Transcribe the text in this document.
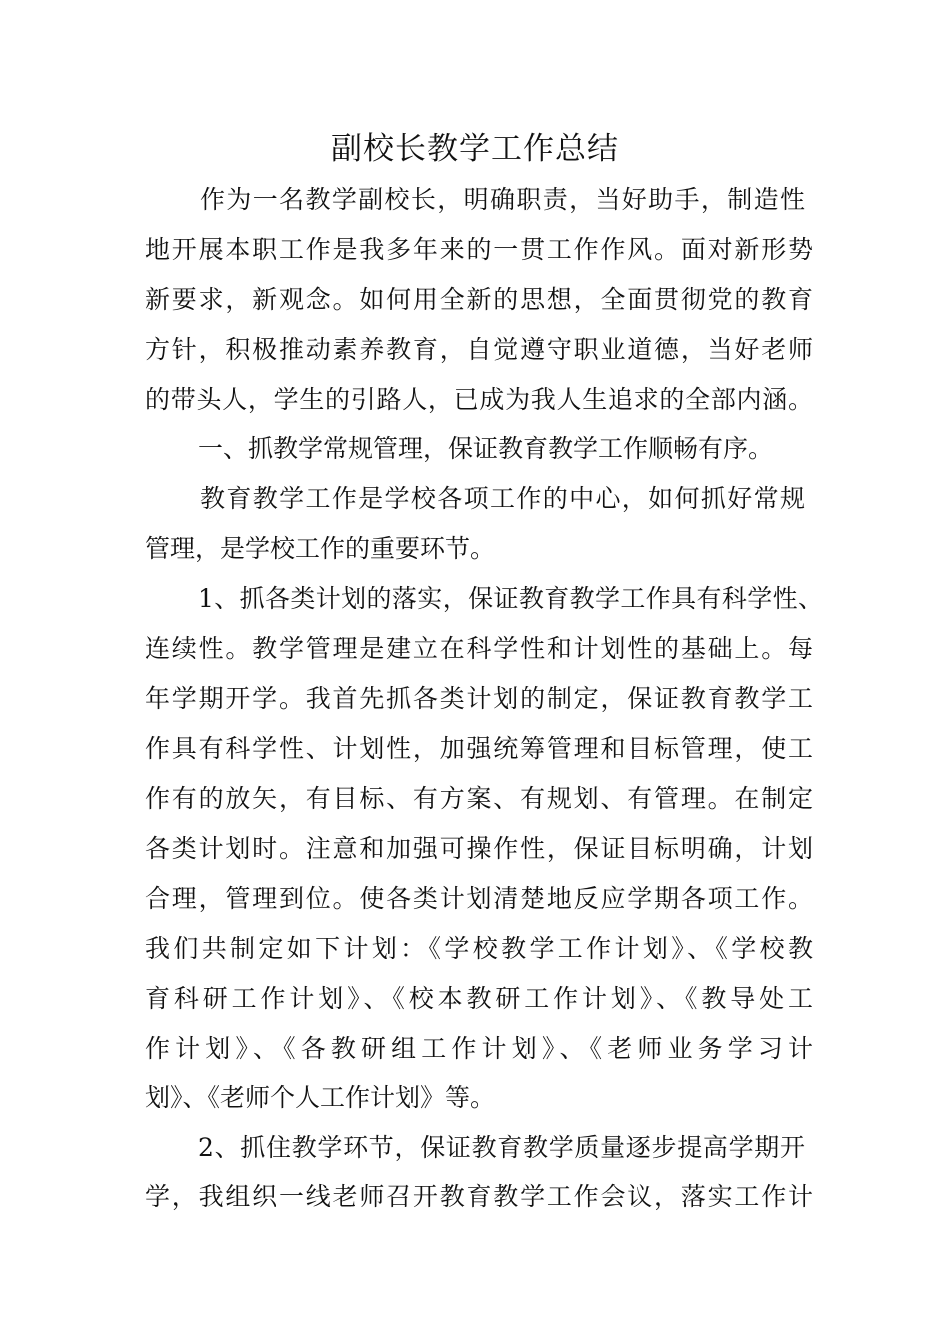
副校长教学工作总结
作为一名教学副校长，明确职责，当好助手，制造性
地开展本职工作是我多年来的一贯工作作风。面对新形势
新要求，新观念。如何用全新的思想，全面贯彻党的教育
方针，积极推动素养教育，自觉遵守职业道德，当好老师
的带头人，学生的引路人，已成为我人生追求的全部内涵。
一、抓教学常规管理，保证教育教学工作顺畅有序。
教育教学工作是学校各项工作的中心，如何抓好常规
管理，是学校工作的重要环节。
1、抓各类计划的落实，保证教育教学工作具有科学性、
连续性。教学管理是建立在科学性和计划性的基础上。每
年学期开学。我首先抓各类计划的制定，保证教育教学工
作具有科学性、计划性，加强统筹管理和目标管理，使工
作有的放矢，有目标、有方案、有规划、有管理。在制定
各类计划时。注意和加强可操作性，保证目标明确，计划
合理，管理到位。使各类计划清楚地反应学期各项工作。
我们共制定如下计划：《学校教学工作计划》、《学校教
育科研工作计划》、《校本教研工作计划》、《教导处工
作计划》、《各教研组工作计划》、《老师业务学习计
划》、《老师个人工作计划》等。
2、抓住教学环节，保证教育教学质量逐步提高学期开
学，我组织一线老师召开教育教学工作会议，落实工作计
